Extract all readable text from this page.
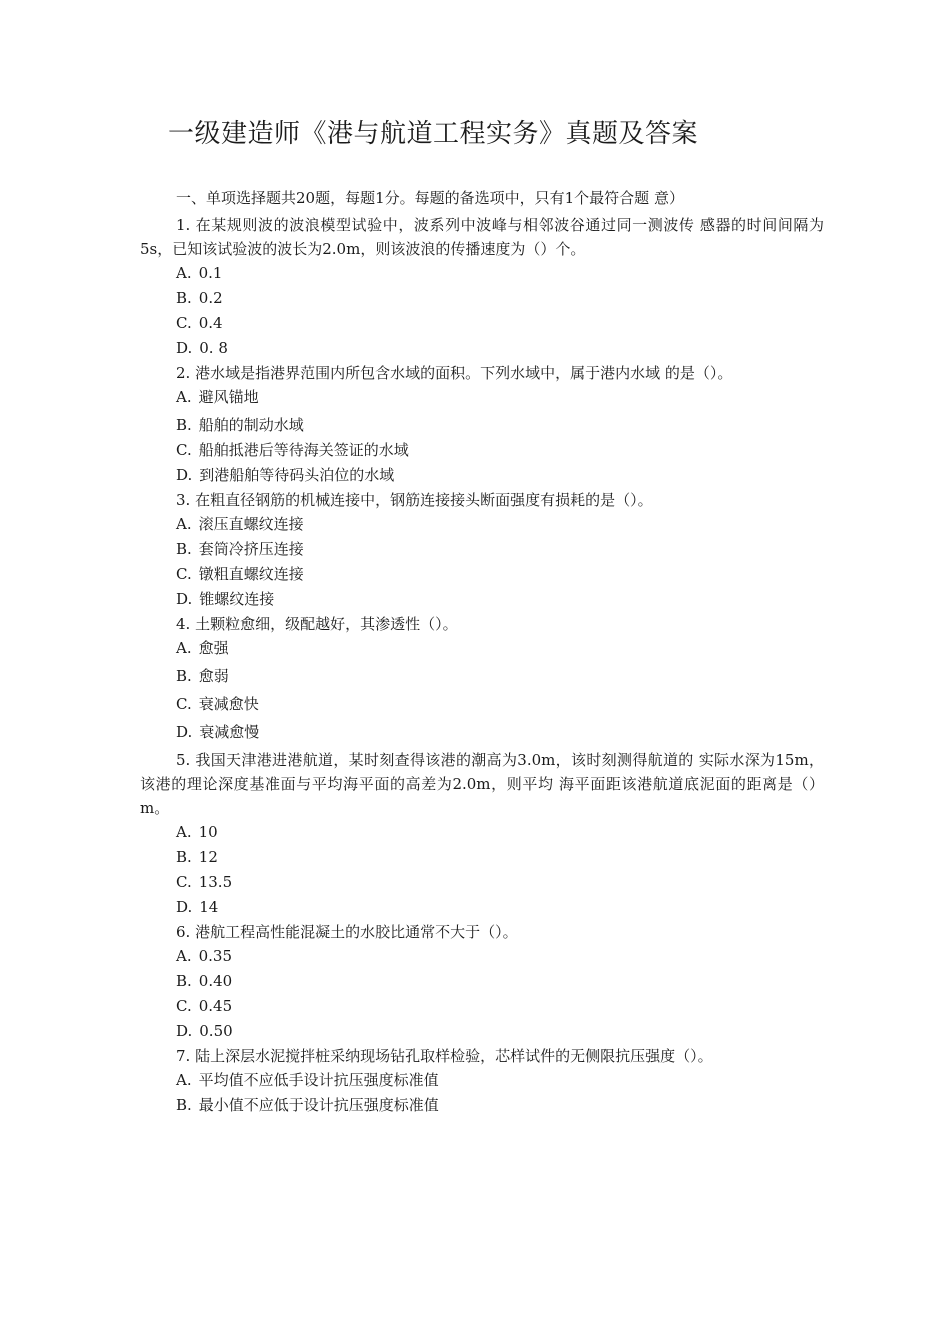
一级建造师《港与航道工程实务》真题及答案

一、单项选择题共20题，每题1分。每题的备选项中，只有1个最符合题 意）

1. 在某规则波的波浪模型试验中，波系列中波峰与相邻波谷通过同一测波传 感器的时间间隔为5s，已知该试验波的波长为2.0m，则该波浪的传播速度为（）个。

A. 0.1
B. 0.2
C. 0.4
D. 0. 8

2. 港水域是指港界范围内所包含水域的面积。下列水域中，属于港内水域 的是（）。

A. 避风锚地
B. 船舶的制动水域
C. 船舶抵港后等待海关签证的水域
D. 到港船舶等待码头泊位的水域

3. 在粗直径钢筋的机械连接中，钢筋连接接头断面强度有损耗的是（）。

A. 滚压直螺纹连接
B. 套筒冷挤压连接
C. 镦粗直螺纹连接
D. 锥螺纹连接

4. 土颗粒愈细，级配越好，其渗透性（）。

A. 愈强
B. 愈弱
C. 衰减愈快
D. 衰减愈慢

5. 我国天津港进港航道，某时刻查得该港的潮高为3.0m，该时刻测得航道的 实际水深为15m，该港的理论深度基准面与平均海平面的高差为2.0m，则平均 海平面距该港航道底泥面的距离是（）m。

A. 10
B. 12
C. 13.5
D. 14

6. 港航工程高性能混凝土的水胶比通常不大于（）。

A. 0.35
B. 0.40
C. 0.45
D. 0.50

7. 陆上深层水泥搅拌桩采纳现场钻孔取样检验，芯样试件的无侧限抗压强度（）。

A. 平均值不应低手设计抗压强度标准值
B. 最小值不应低于设计抗压强度标准值
